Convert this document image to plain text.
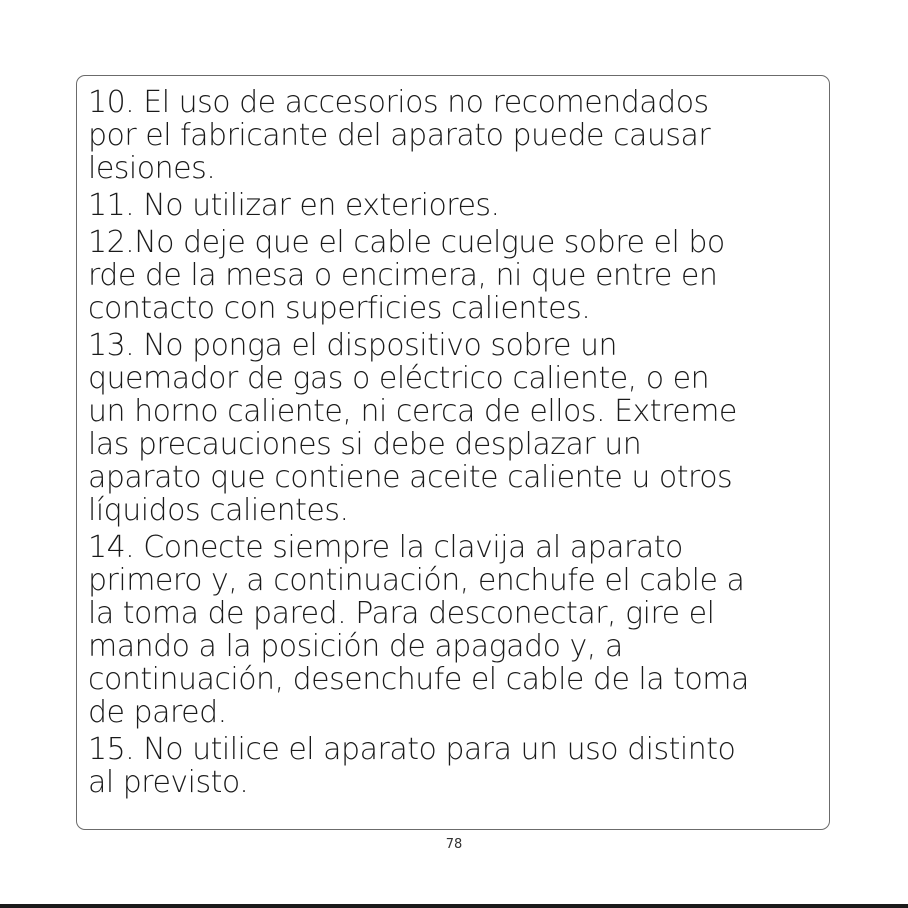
10. El uso de accesorios no recomendados
por el fabricante del aparato puede causar
lesiones.

11. No utilizar en exteriores.

12.No deje que el cable cuelgue sobre el bo
rde de la mesa o encimera, ni que entre en
contacto con superficies calientes.

13. No ponga el dispositivo sobre un
quemador de gas o eléctrico caliente, o en
un horno caliente, ni cerca de ellos. Extreme
las precauciones si debe desplazar un
aparato que contiene aceite caliente u otros
líquidos calientes.

14. Conecte siempre la clavija al aparato
primero y, a continuación, enchufe el cable a
la toma de pared. Para desconectar, gire el
mando a la posición de apagado y, a
continuación, desenchufe el cable de la toma
de pared.

15. No utilice el aparato para un uso distinto
al previsto.

78
